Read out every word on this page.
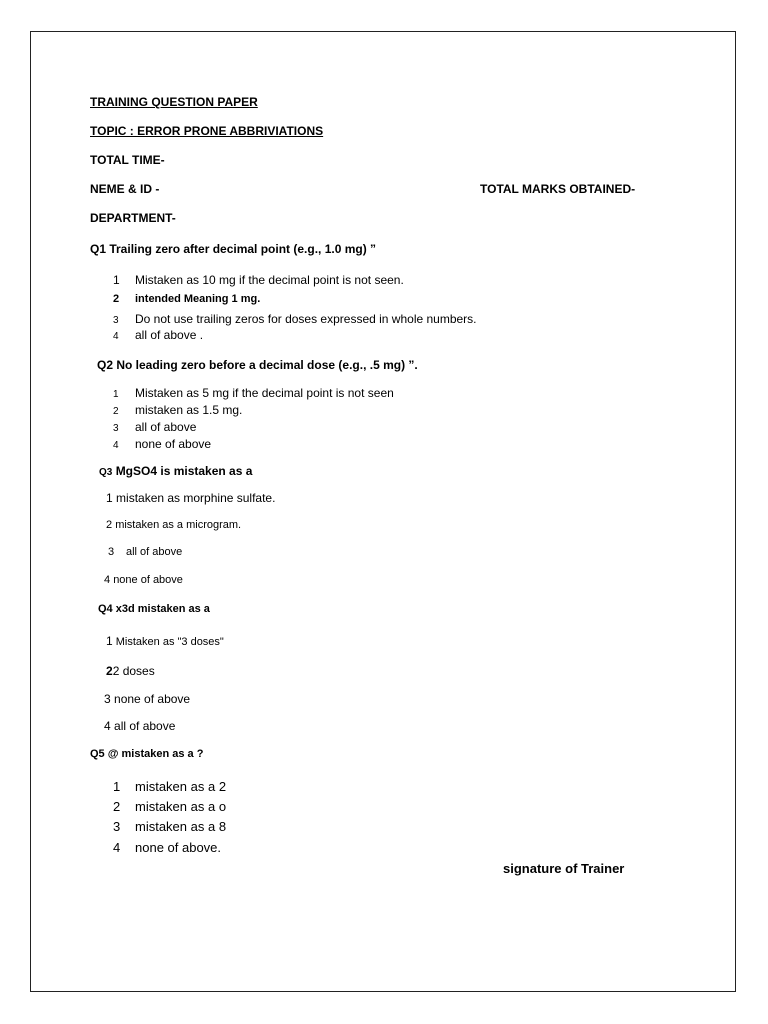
TRAINING QUESTION PAPER
TOPIC : ERROR PRONE ABBRIVIATIONS
TOTAL TIME-
NEME & ID -	TOTAL MARKS OBTAINED-
DEPARTMENT-
Q1 Trailing zero after decimal point (e.g., 1.0 mg) ”
1 Mistaken as 10 mg if the decimal point is not seen.
2 intended Meaning 1 mg.
3 Do not use trailing zeros for doses expressed in whole numbers.
4 all of above .
Q2 No leading zero before a decimal dose (e.g., .5 mg) ”.
1 Mistaken as 5 mg if the decimal point is not seen
2 mistaken as 1.5 mg.
3 all of above
4 none of above
Q3 MgSO4 is mistaken as a
1 mistaken as morphine sulfate.
2 mistaken as a microgram.
3 all of above
4 none of above
Q4 x3d mistaken as a
1 Mistaken as "3 doses"
22 doses
3 none of above
4 all of above
Q5 @ mistaken as a ?
1 mistaken as a 2
2 mistaken as a o
3 mistaken as a 8
4 none of above.
signature of Trainer
